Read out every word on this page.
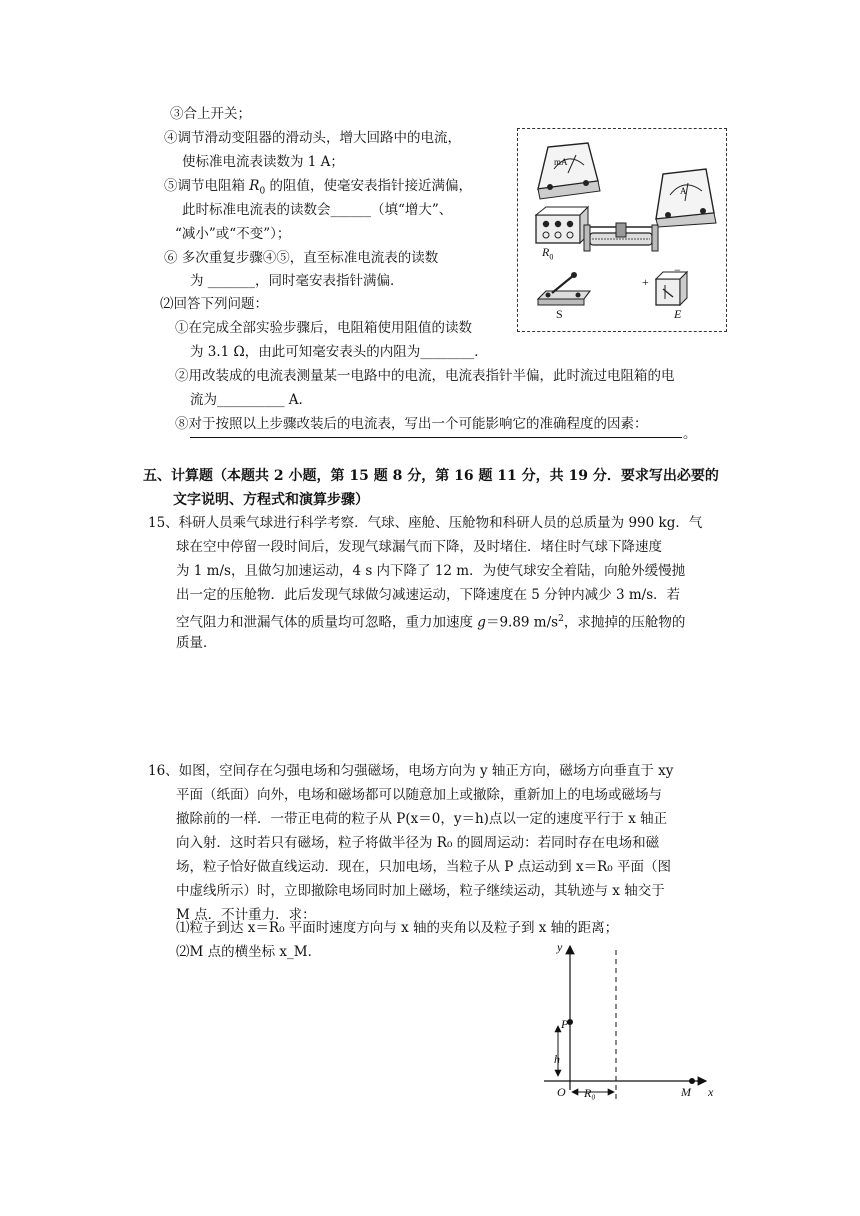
③合上开关；
④调节滑动变阻器的滑动头，增大回路中的电流，
使标准电流表读数为 1 A；
⑤调节电阻箱 $R_0$ 的阻值，使毫安表指针接近满偏，
此时标准电流表的读数会______（填“增大”、
“减小”或“不变”）；
⑥ 多次重复步骤④⑤，直至标准电流表的读数
为 _______，同时毫安表指针满偏．
⑵回答下列问题：
①在完成全部实验步骤后，电阻箱使用阻值的读数
为 3.1 Ω，由此可知毫安表头的内阻为________．
②用改装成的电流表测量某一电路中的电流，电流表指针半偏，此时流过电阻箱的电
流为__________ A．
⑧对于按照以上步骤改装后的电流表，写出一个可能影响它的准确程度的因素：
。
mA
A
$R_0$
S	E
+
−
五、计算题（本题共 2 小题，第 15 题 8 分，第 16 题 11 分，共 19 分．要求写出必要的
文字说明、方程式和演算步骤）
15、科研人员乘气球进行科学考察．气球、座舱、压舱物和科研人员的总质量为 990 kg．气
球在空中停留一段时间后，发现气球漏气而下降，及时堵住．堵住时气球下降速度
为 1 m/s，且做匀加速运动，4 s 内下降了 12 m．为使气球安全着陆，向舱外缓慢抛
出一定的压舱物．此后发现气球做匀减速运动，下降速度在 5 分钟内减少 3 m/s．若
空气阻力和泄漏气体的质量均可忽略，重力加速度 g＝9.89 $m/s^2$，求抛掉的压舱物的
质量．
16、如图，空间存在匀强电场和匀强磁场，电场方向为 y 轴正方向，磁场方向垂直于 xy
平面（纸面）向外，电场和磁场都可以随意加上或撤除，重新加上的电场或磁场与
撤除前的一样．一带正电荷的粒子从 P(x＝0，y＝h)点以一定的速度平行于 x 轴正
向入射．这时若只有磁场，粒子将做半径为 R₀ 的圆周运动：若同时存在电场和磁
场，粒子恰好做直线运动．现在，只加电场，当粒子从 P 点运动到 x＝R₀ 平面（图
中虚线所示）时，立即撤除电场同时加上磁场，粒子继续运动，其轨迹与 x 轴交于
M 点．不计重力．求：
⑴粒子到达 x＝R₀ 平面时速度方向与 x 轴的夹角以及粒子到 x 轴的距离；
⑵M 点的横坐标 x_M．	y
x
P
h
O R₀	M
